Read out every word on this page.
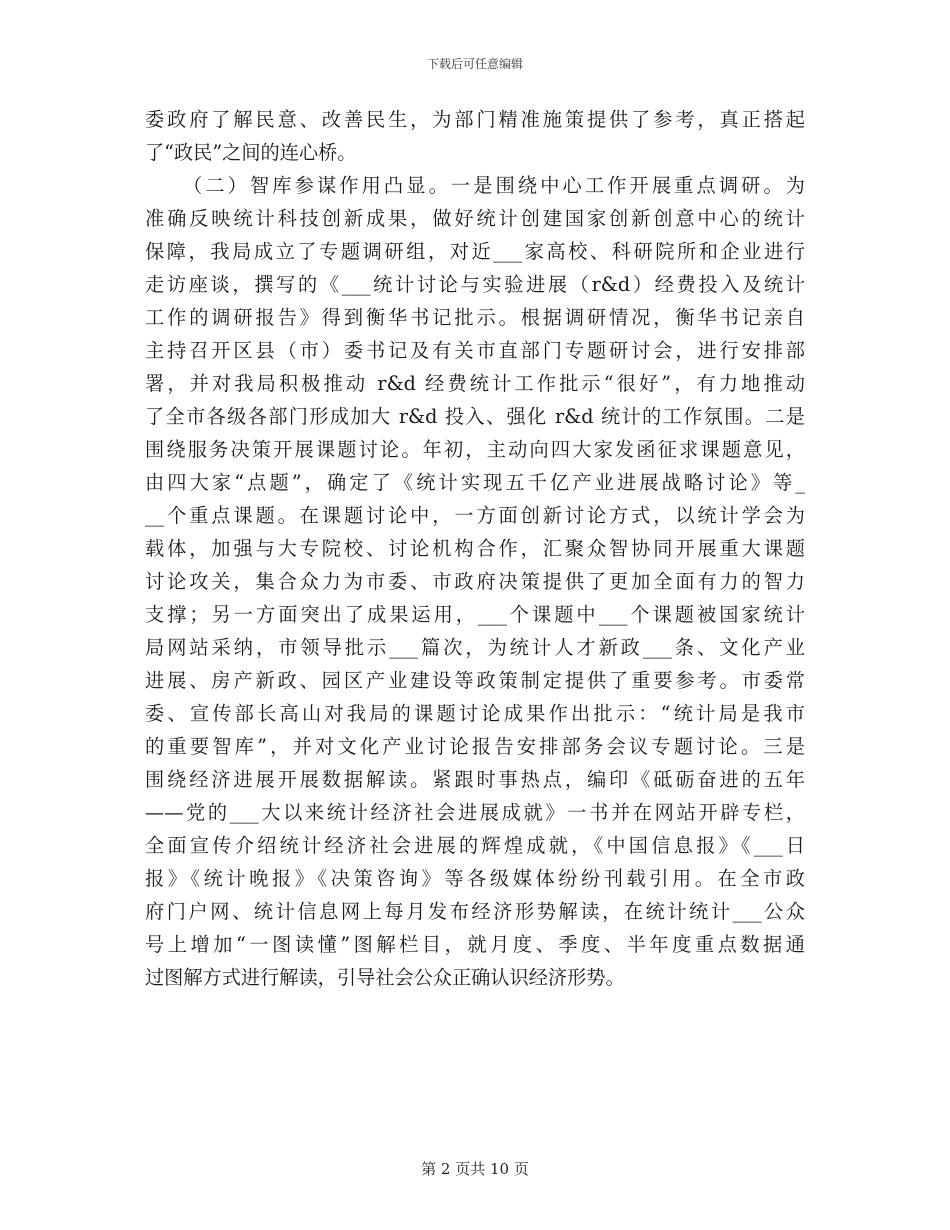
下载后可任意编辑
委政府了解民意、改善民生，为部门精准施策提供了参考，真正搭起
了“政民”之间的连心桥。
（二）智库参谋作用凸显。一是围绕中心工作开展重点调研。为
准确反映统计科技创新成果，做好统计创建国家创新创意中心的统计
保障，我局成立了专题调研组，对近___家高校、科研院所和企业进行
走访座谈，撰写的《___统计讨论与实验进展（r&d）经费投入及统计
工作的调研报告》得到衡华书记批示。根据调研情况，衡华书记亲自
主持召开区县（市）委书记及有关市直部门专题研讨会，进行安排部
署，并对我局积极推动 r&d 经费统计工作批示“很好”，有力地推动
了全市各级各部门形成加大 r&d 投入、强化 r&d 统计的工作氛围。二是
围绕服务决策开展课题讨论。年初，主动向四大家发函征求课题意见，
由四大家“点题”，确定了《统计实现五千亿产业进展战略讨论》等_
__个重点课题。在课题讨论中，一方面创新讨论方式，以统计学会为
载体，加强与大专院校、讨论机构合作，汇聚众智协同开展重大课题
讨论攻关，集合众力为市委、市政府决策提供了更加全面有力的智力
支撑；另一方面突出了成果运用，___个课题中___个课题被国家统计
局网站采纳，市领导批示___篇次，为统计人才新政___条、文化产业
进展、房产新政、园区产业建设等政策制定提供了重要参考。市委常
委、宣传部长高山对我局的课题讨论成果作出批示：“统计局是我市
的重要智库”，并对文化产业讨论报告安排部务会议专题讨论。三是
围绕经济进展开展数据解读。紧跟时事热点，编印《砥砺奋进的五年
——党的___大以来统计经济社会进展成就》一书并在网站开辟专栏，
全面宣传介绍统计经济社会进展的辉煌成就，《中国信息报》《___日
报》《统计晚报》《决策咨询》等各级媒体纷纷刊载引用。在全市政
府门户网、统计信息网上每月发布经济形势解读，在统计统计___公众
号上增加“一图读懂”图解栏目，就月度、季度、半年度重点数据通
过图解方式进行解读，引导社会公众正确认识经济形势。
第 2 页共 10 页
